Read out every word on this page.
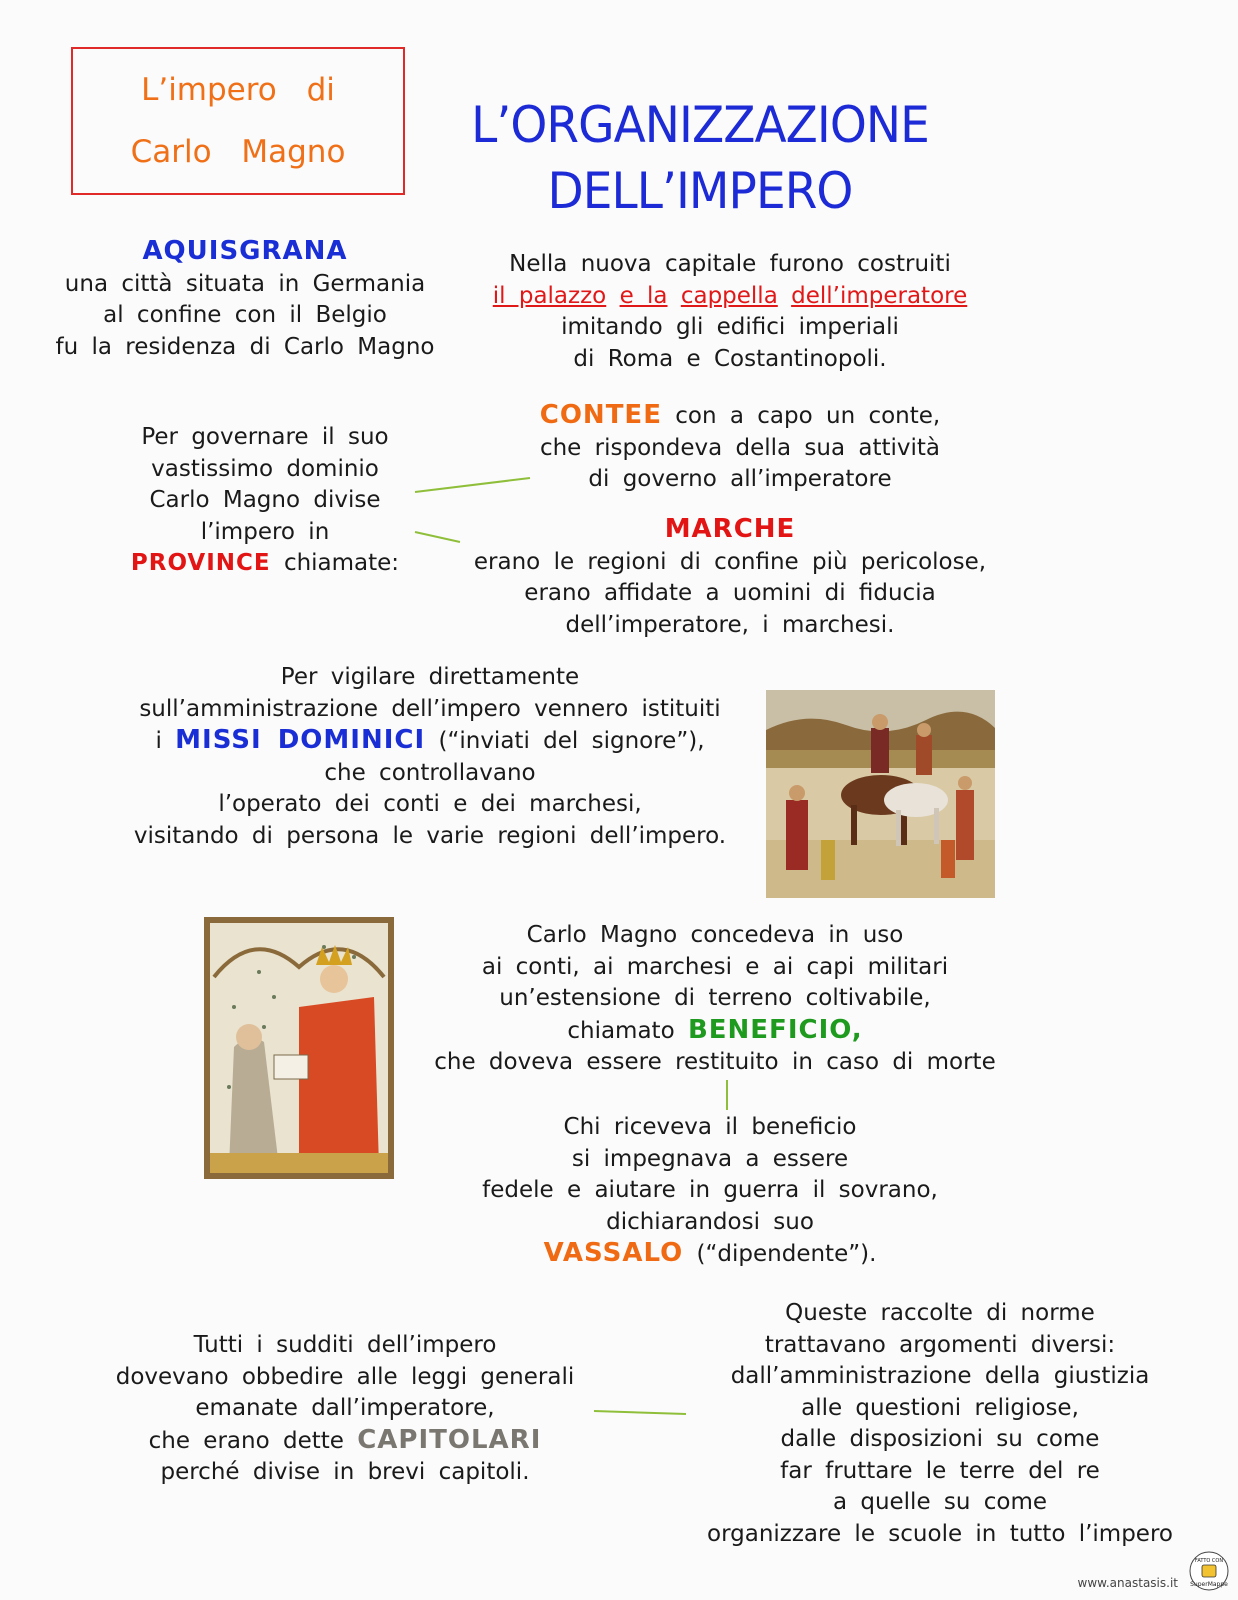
L’impero di
Carlo Magno	L’ORGANIZZAZIONE
DELL’IMPERO
AQUISGRANA
una città situata in Germania
al confine con il Belgio
fu la residenza di Carlo Magno
Nella nuova capitale furono costruiti
il palazzo e la cappella dell’imperatore
imitando gli edifici imperiali
di Roma e Costantinopoli.
Per governare il suo
vastissimo dominio
Carlo Magno divise
l’impero in
PROVINCE chiamate:
CONTEE con a capo un conte,
che rispondeva della sua attività
di governo all’imperatore
MARCHE
erano le regioni di confine più pericolose,
erano affidate a uomini di fiducia
dell’imperatore, i marchesi.
Per vigilare direttamente
sull’amministrazione dell’impero vennero istituiti
i MISSI DOMINICI (“inviati del signore”),
che controllavano
l’operato dei conti e dei marchesi,
visitando di persona le varie regioni dell’impero.
Carlo Magno concedeva in uso
ai conti, ai marchesi e ai capi militari
un’estensione di terreno coltivabile,
chiamato BENEFICIO,
che doveva essere restituito in caso di morte
Chi riceveva il beneficio
si impegnava a essere
fedele e aiutare in guerra il sovrano,
dichiarandosi suo
VASSALO (“dipendente”).
Tutti i sudditi dell’impero
dovevano obbedire alle leggi generali
emanate dall’imperatore,
che erano dette CAPITOLARI
perché divise in brevi capitoli.
Queste raccolte di norme
trattavano argomenti diversi:
dall’amministrazione della giustizia
alle questioni religiose,
dalle disposizioni su come
far fruttare le terre del re
a quelle su come
organizzare le scuole in tutto l’impero
www.anastasis.it
FATTO CON
SuperMappe
